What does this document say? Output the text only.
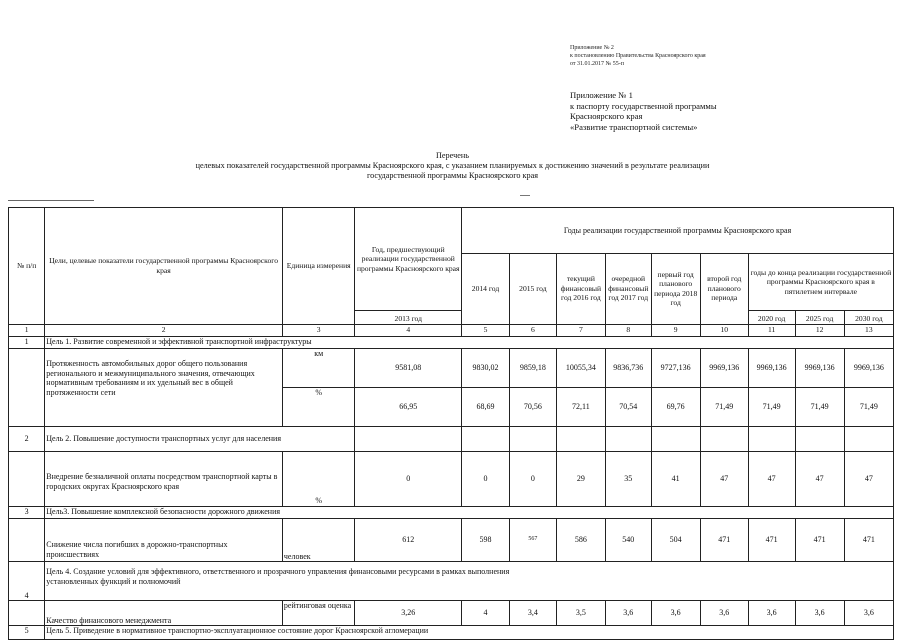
Приложение № 2
к постановлению Правительства Красноярского края
от 31.01.2017 № 55-п
Приложение № 1
к паспорту государственной программы
Красноярского края
«Развитие транспортной системы»
Перечень
целевых показателей государственной программы Красноярского края, с указанием планируемых к достижению значений в результате реализации
государственной программы Красноярского края
№ п/п	Цели, целевые показатели государственной программы Красноярского края	Единица измерения	Год, предшествующий реализации государственной программы Красноярского края	Годы реализации государственной программы Красноярского края								
				2014 год	2015 год	текущий финансовый год 2016 год	очередной финансовый год 2017 год	первый год планового периода 2018 год	второй год планового периода	годы до конца реализации государственной программы Красноярского края в пятилетнем интервале		
			2013 год							2020 год	2025 год	2030 год
1	2	3	4	5	6	7	8	9	10	11	12	13
1	Цель 1. Развитие современной и эффективной транспортной инфраструктуры											
	Протяженность автомобильных дорог общего пользования регионального и межмуниципального значения, отвечающих нормативным требованиям и их удельный вес в общей протяженности сети	км	9581,08	9830,02	9859,18	10055,34	9836,736	9727,136	9969,136	9969,136	9969,136	9969,136
		%	66,95	68,69	70,56	72,11	70,54	69,76	71,49	71,49	71,49	71,49
2	Цель 2. Повышение доступности транспортных услуг для населения											
	Внедрение безналичной оплаты посредством транспортной карты в городских округах Красноярского края	%	0	0	0	29	35	41	47	47	47	47
3	Цель3. Повышение комплексной безопасности дорожного движения											
	Снижение числа погибших в дорожно-транспортных происшествиях	человек	612	598	567	586	540	504	471	471	471	471
4	Цель 4. Создание условий для эффективного, ответственного и прозрачного управления финансовыми ресурсами в рамках выполнения установленных функций и полномочий											
	Качество финансового менеджмента	рейтинговая оценка	3,26	4	3,4	3,5	3,6	3,6	3,6	3,6	3,6	3,6
5	Цель 5. Приведение в нормативное транспортно-эксплуатационное состояние дорог Красноярской агломерации											
